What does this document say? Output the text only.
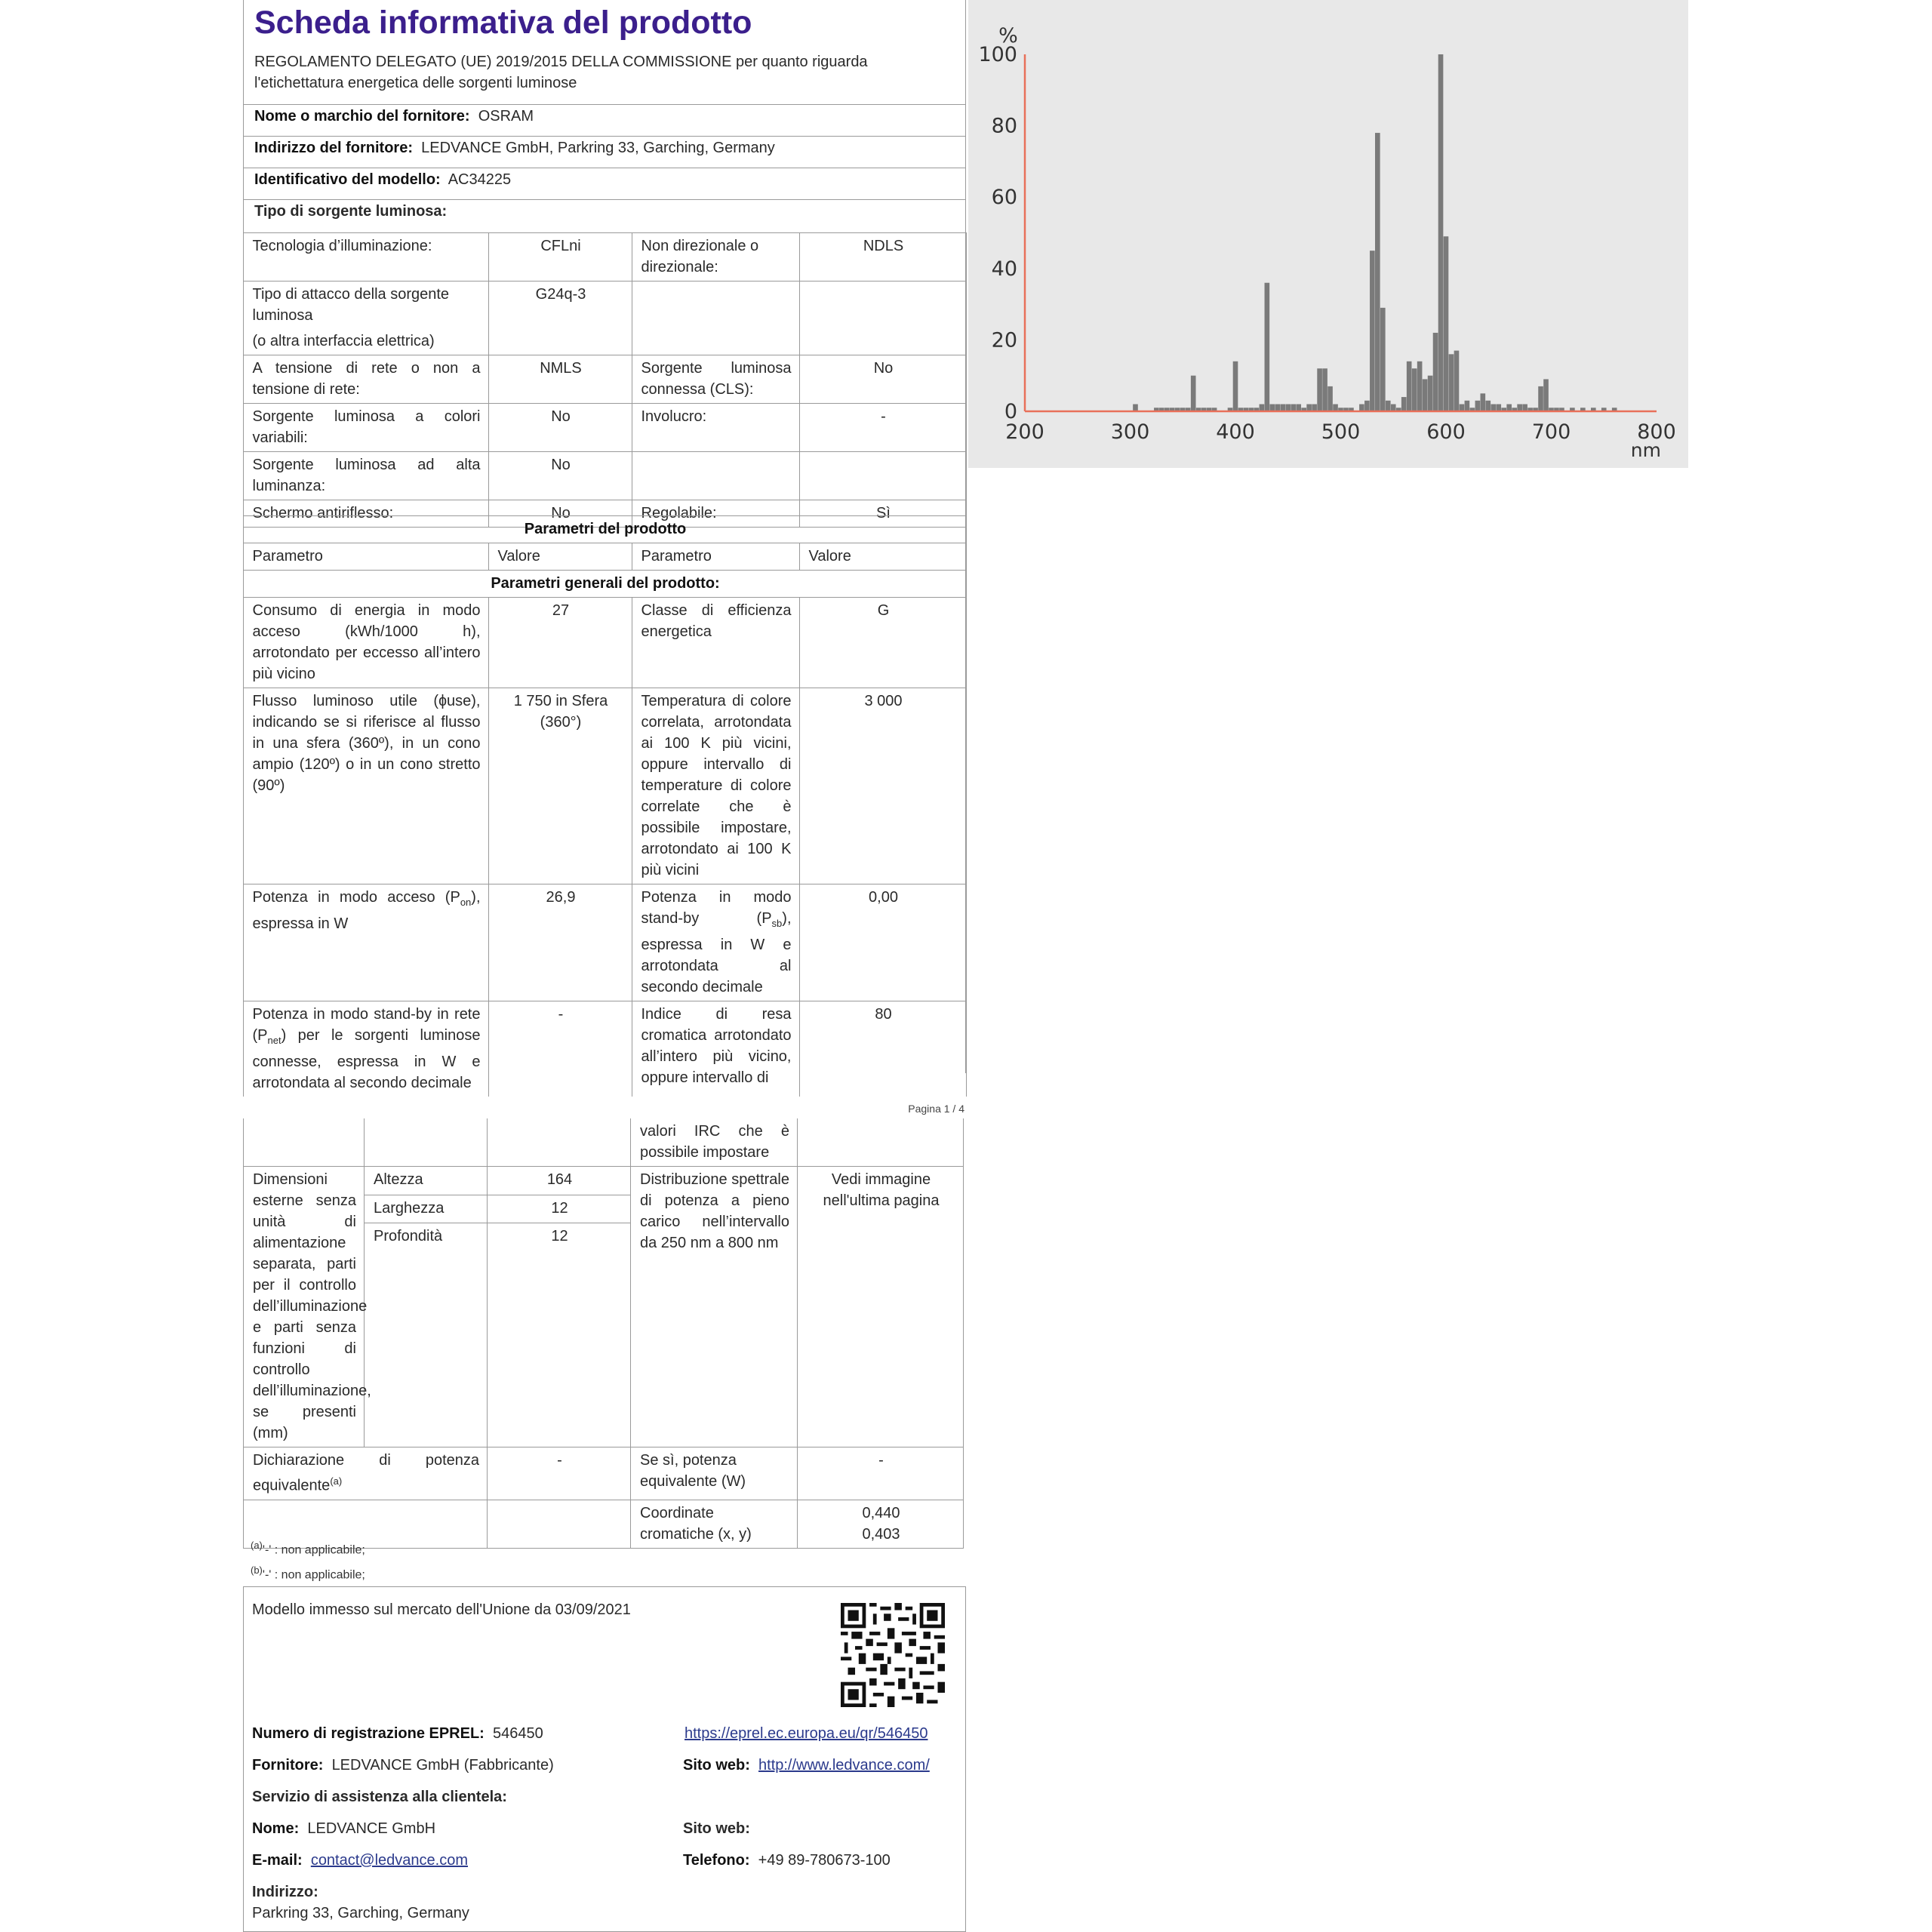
Scheda informativa del prodotto
REGOLAMENTO DELEGATO (UE) 2019/2015 DELLA COMMISSIONE per quanto riguarda
l'etichettatura energetica delle sorgenti luminose
Nome o marchio del fornitore: OSRAM
Indirizzo del fornitore: LEDVANCE GmbH, Parkring 33, Garching, Germany
Identificativo del modello: AC34225
Tipo di sorgente luminosa:
Tecnologia d’illuminazione:	CFLni	Non direzionale o direzionale:	NDLS

Tipo di attacco della sorgente luminosa
(o altra interfaccia elettrica)	G24q-3		
A tensione di rete o non a tensione di rete:	NMLS	Sorgente luminosa connessa (CLS):	No
Sorgente luminosa a colori variabili:	No	Involucro:	-
Sorgente luminosa ad alta luminanza:	No		
Schermo antiriflesso:	No	Regolabile:	Sì
Parametri del prodotto			
Parametro	Valore	Parametro	Valore
Parametri generali del prodotto:			
Consumo di energia in modo acceso (kWh/1000 h), arrotondato per eccesso all’intero più vicino	27	Classe di efficienza energetica	G
Flusso luminoso utile (ɸuse), indicando se si riferisce al flusso in una sfera (360º), in un cono ampio (120º) o in un cono stretto (90º)	1 750 in Sfera (360°)	Temperatura di colore correlata, arrotondata ai 100 K più vicini, oppure intervallo di temperature di colore correlate che è possibile impostare, arrotondato ai 100 K più vicini	3 000
Potenza in modo acceso $(P_{on})$, espressa in W	26,9	Potenza in modo stand-by $(P_{sb})$, espressa in W e arrotondata al secondo decimale	0,00
Potenza in modo stand-by in rete $(P_{net})$ per le sorgenti luminose connesse, espressa in W e arrotondata al secondo decimale	-	Indice di resa cromatica arrotondato all’intero più vicino, oppure intervallo di	80
Pagina 1 / 4
			valori IRC che è possibile impostare	
Dimensioni esterne senza unità di alimentazione separata, parti per il controllo dell’illuminazione e parti senza funzioni di controllo dell’illuminazione, se presenti (mm)	Altezza	164	Distribuzione spettrale di potenza a pieno carico nell’intervallo da 250 nm a 800 nm	Vedi immagine nell'ultima pagina
	Larghezza	12		
	Profondità	12		
Dichiarazione di potenza equivalente$^{(a)}$		-	Se sì, potenza equivalente (W)	-
			Coordinate cromatiche (x, y)	0,440
0,403
$^{(a)}$'-' : non applicabile;
$^{(b)}$'-' : non applicabile;
Modello immesso sul mercato dell'Unione da 03/09/2021
Numero di registrazione EPREL: 546450	https://eprel.ec.europa.eu/qr/546450
Fornitore: LEDVANCE GmbH (Fabbricante)	Sito web: http://www.ledvance.com/
Servizio di assistenza alla clientela:
Nome: LEDVANCE GmbH	Sito web:
E-mail: contact@ledvance.com	Telefono: +49 89-780673-100
Indirizzo:
Parkring 33, Garching, Germany
0
20
40
60
80
100
200	300	400	500	600	700	800
%
nm
